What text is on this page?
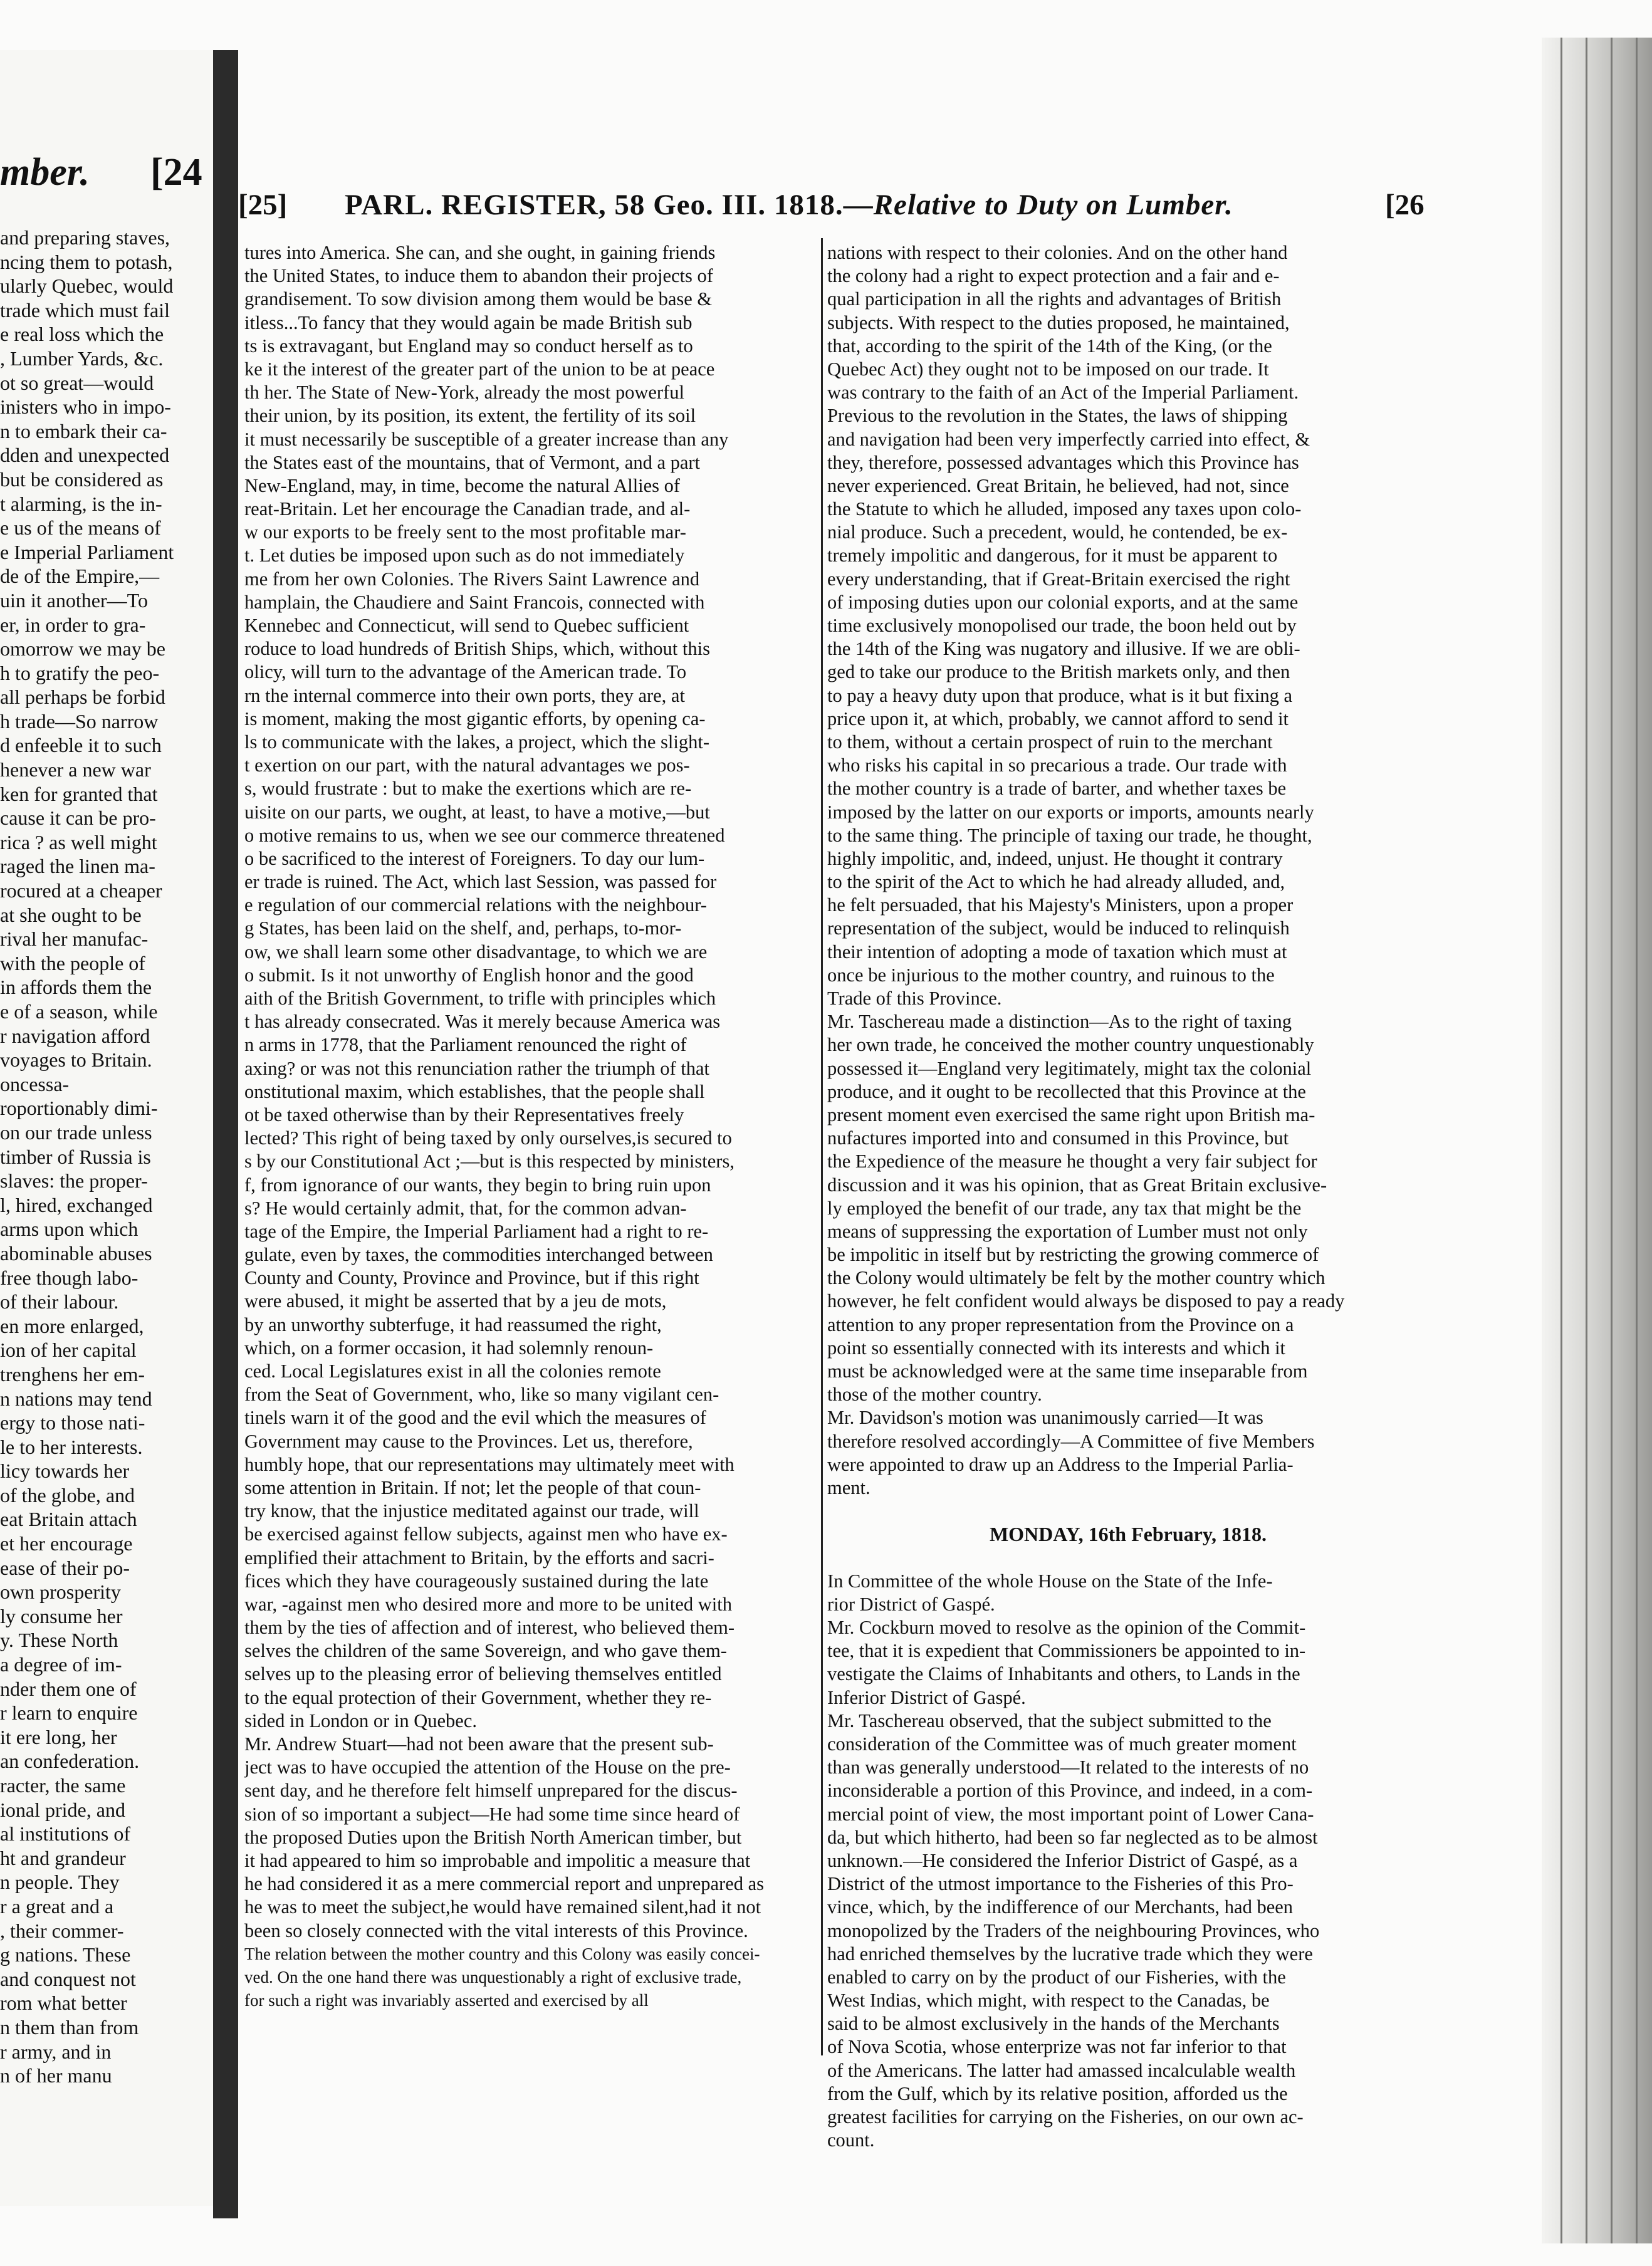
mber. [24
and preparing staves,
ncing them to potash,
ularly Quebec, would
trade which must fail
e real loss which the
, Lumber Yards, &c.
ot so great—would
inisters who in impo-
n to embark their ca-
dden and unexpected
but be considered as
t alarming, is the in-
e us of the means of
e Imperial Parliament
de of the Empire,—
uin it another—To
er, in order to gra-
omorrow we may be
h to gratify the peo-
all perhaps be forbid
h trade—So narrow
d enfeeble it to such
henever a new war
ken for granted that
cause it can be pro-
rica ? as well might
raged the linen ma-
rocured at a cheaper
at she ought to be
rival her manufac-
with the people of
in affords them the
e of a season, while
r navigation afford
voyages to Britain.
oncessa-
roportionably dimi-
on our trade unless
timber of Russia is
slaves: the proper-
l, hired, exchanged
arms upon which
abominable abuses
free though labo-
of their labour.
en more enlarged,
ion of her capital
trenghens her em-
n nations may tend
ergy to those nati-
le to her interests.
licy towards her
of the globe, and
eat Britain attach
et her encourage
ease of their po-
own prosperity
ly consume her
y. These North
a degree of im-
nder them one of
r learn to enquire
it ere long, her
an confederation.
racter, the same
ional pride, and
al institutions of
ht and grandeur
n people. They
r a great and a
, their commer-
g nations. These
and conquest not
rom what better
n them than from
r army, and in
n of her manu
[25] PARL. REGISTER, 58 Geo. III. 1818.—Relative to Duty on Lumber.	[26
tures into America. She can, and she ought, in gaining friends
the United States, to induce them to abandon their projects of
grandisement. To sow division among them would be base &
itless...To fancy that they would again be made British sub
ts is extravagant, but England may so conduct herself as to
ke it the interest of the greater part of the union to be at peace
th her. The State of New-York, already the most powerful
their union, by its position, its extent, the fertility of its soil
it must necessarily be susceptible of a greater increase than any
the States east of the mountains, that of Vermont, and a part
New-England, may, in time, become the natural Allies of
reat-Britain. Let her encourage the Canadian trade, and al-
w our exports to be freely sent to the most profitable mar-
t. Let duties be imposed upon such as do not immediately
me from her own Colonies. The Rivers Saint Lawrence and
hamplain, the Chaudiere and Saint Francois, connected with
Kennebec and Connecticut, will send to Quebec sufficient
roduce to load hundreds of British Ships, which, without this
olicy, will turn to the advantage of the American trade. To
rn the internal commerce into their own ports, they are, at
is moment, making the most gigantic efforts, by opening ca-
ls to communicate with the lakes, a project, which the slight-
t exertion on our part, with the natural advantages we pos-
s, would frustrate : but to make the exertions which are re-
uisite on our parts, we ought, at least, to have a motive,—but
o motive remains to us, when we see our commerce threatened
o be sacrificed to the interest of Foreigners. To day our lum-
er trade is ruined. The Act, which last Session, was passed for
e regulation of our commercial relations with the neighbour-
g States, has been laid on the shelf, and, perhaps, to-mor-
ow, we shall learn some other disadvantage, to which we are
o submit. Is it not unworthy of English honor and the good
aith of the British Government, to trifle with principles which
t has already consecrated. Was it merely because America was
n arms in 1778, that the Parliament renounced the right of
axing? or was not this renunciation rather the triumph of that
onstitutional maxim, which establishes, that the people shall
ot be taxed otherwise than by their Representatives freely
lected? This right of being taxed by only ourselves,is secured to
s by our Constitutional Act ;—but is this respected by ministers,
f, from ignorance of our wants, they begin to bring ruin upon
s? He would certainly admit, that, for the common advan-
tage of the Empire, the Imperial Parliament had a right to re-
gulate, even by taxes, the commodities interchanged between
County and County, Province and Province, but if this right
were abused, it might be asserted that by a jeu de mots,
by an unworthy subterfuge, it had reassumed the right,
which, on a former occasion, it had solemnly renoun-
ced. Local Legislatures exist in all the colonies remote
from the Seat of Government, who, like so many vigilant cen-
tinels warn it of the good and the evil which the measures of
Government may cause to the Provinces. Let us, therefore,
humbly hope, that our representations may ultimately meet with
some attention in Britain. If not; let the people of that coun-
try know, that the injustice meditated against our trade, will
be exercised against fellow subjects, against men who have ex-
emplified their attachment to Britain, by the efforts and sacri-
fices which they have courageously sustained during the late
war, -against men who desired more and more to be united with
them by the ties of affection and of interest, who believed them-
selves the children of the same Sovereign, and who gave them-
selves up to the pleasing error of believing themselves entitled
to the equal protection of their Government, whether they re-
sided in London or in Quebec.
Mr. Andrew Stuart—had not been aware that the present sub-
ject was to have occupied the attention of the House on the pre-
sent day, and he therefore felt himself unprepared for the discus-
sion of so important a subject—He had some time since heard of
the proposed Duties upon the British North American timber, but
it had appeared to him so improbable and impolitic a measure that
he had considered it as a mere commercial report and unprepared as
he was to meet the subject,he would have remained silent,had it not
been so closely connected with the vital interests of this Province.
The relation between the mother country and this Colony was easily concei-
ved. On the one hand there was unquestionably a right of exclusive trade,
for such a right was invariably asserted and exercised by all
nations with respect to their colonies. And on the other hand
the colony had a right to expect protection and a fair and e-
qual participation in all the rights and advantages of British
subjects. With respect to the duties proposed, he maintained,
that, according to the spirit of the 14th of the King, (or the
Quebec Act) they ought not to be imposed on our trade. It
was contrary to the faith of an Act of the Imperial Parliament.
Previous to the revolution in the States, the laws of shipping
and navigation had been very imperfectly carried into effect, &
they, therefore, possessed advantages which this Province has
never experienced. Great Britain, he believed, had not, since
the Statute to which he alluded, imposed any taxes upon colo-
nial produce. Such a precedent, would, he contended, be ex-
tremely impolitic and dangerous, for it must be apparent to
every understanding, that if Great-Britain exercised the right
of imposing duties upon our colonial exports, and at the same
time exclusively monopolised our trade, the boon held out by
the 14th of the King was nugatory and illusive. If we are obli-
ged to take our produce to the British markets only, and then
to pay a heavy duty upon that produce, what is it but fixing a
price upon it, at which, probably, we cannot afford to send it
to them, without a certain prospect of ruin to the merchant
who risks his capital in so precarious a trade. Our trade with
the mother country is a trade of barter, and whether taxes be
imposed by the latter on our exports or imports, amounts nearly
to the same thing. The principle of taxing our trade, he thought,
highly impolitic, and, indeed, unjust. He thought it contrary
to the spirit of the Act to which he had already alluded, and,
he felt persuaded, that his Majesty's Ministers, upon a proper
representation of the subject, would be induced to relinquish
their intention of adopting a mode of taxation which must at
once be injurious to the mother country, and ruinous to the
Trade of this Province.
Mr. Taschereau made a distinction—As to the right of taxing
her own trade, he conceived the mother country unquestionably
possessed it—England very legitimately, might tax the colonial
produce, and it ought to be recollected that this Province at the
present moment even exercised the same right upon British ma-
nufactures imported into and consumed in this Province, but
the Expedience of the measure he thought a very fair subject for
discussion and it was his opinion, that as Great Britain exclusive-
ly employed the benefit of our trade, any tax that might be the
means of suppressing the exportation of Lumber must not only
be impolitic in itself but by restricting the growing commerce of
the Colony would ultimately be felt by the mother country which
however, he felt confident would always be disposed to pay a ready
attention to any proper representation from the Province on a
point so essentially connected with its interests and which it
must be acknowledged were at the same time inseparable from
those of the mother country.
Mr. Davidson's motion was unanimously carried—It was
therefore resolved accordingly—A Committee of five Members
were appointed to draw up an Address to the Imperial Parlia-
ment.
MONDAY, 16th February, 1818.
In Committee of the whole House on the State of the Infe-
rior District of Gaspé.
Mr. Cockburn moved to resolve as the opinion of the Commit-
tee, that it is expedient that Commissioners be appointed to in-
vestigate the Claims of Inhabitants and others, to Lands in the
Inferior District of Gaspé.
Mr. Taschereau observed, that the subject submitted to the
consideration of the Committee was of much greater moment
than was generally understood—It related to the interests of no
inconsiderable a portion of this Province, and indeed, in a com-
mercial point of view, the most important point of Lower Cana-
da, but which hitherto, had been so far neglected as to be almost
unknown.—He considered the Inferior District of Gaspé, as a
District of the utmost importance to the Fisheries of this Pro-
vince, which, by the indifference of our Merchants, had been
monopolized by the Traders of the neighbouring Provinces, who
had enriched themselves by the lucrative trade which they were
enabled to carry on by the product of our Fisheries, with the
West Indias, which might, with respect to the Canadas, be
said to be almost exclusively in the hands of the Merchants
of Nova Scotia, whose enterprize was not far inferior to that
of the Americans. The latter had amassed incalculable wealth
from the Gulf, which by its relative position, afforded us the
greatest facilities for carrying on the Fisheries, on our own ac-
count.
